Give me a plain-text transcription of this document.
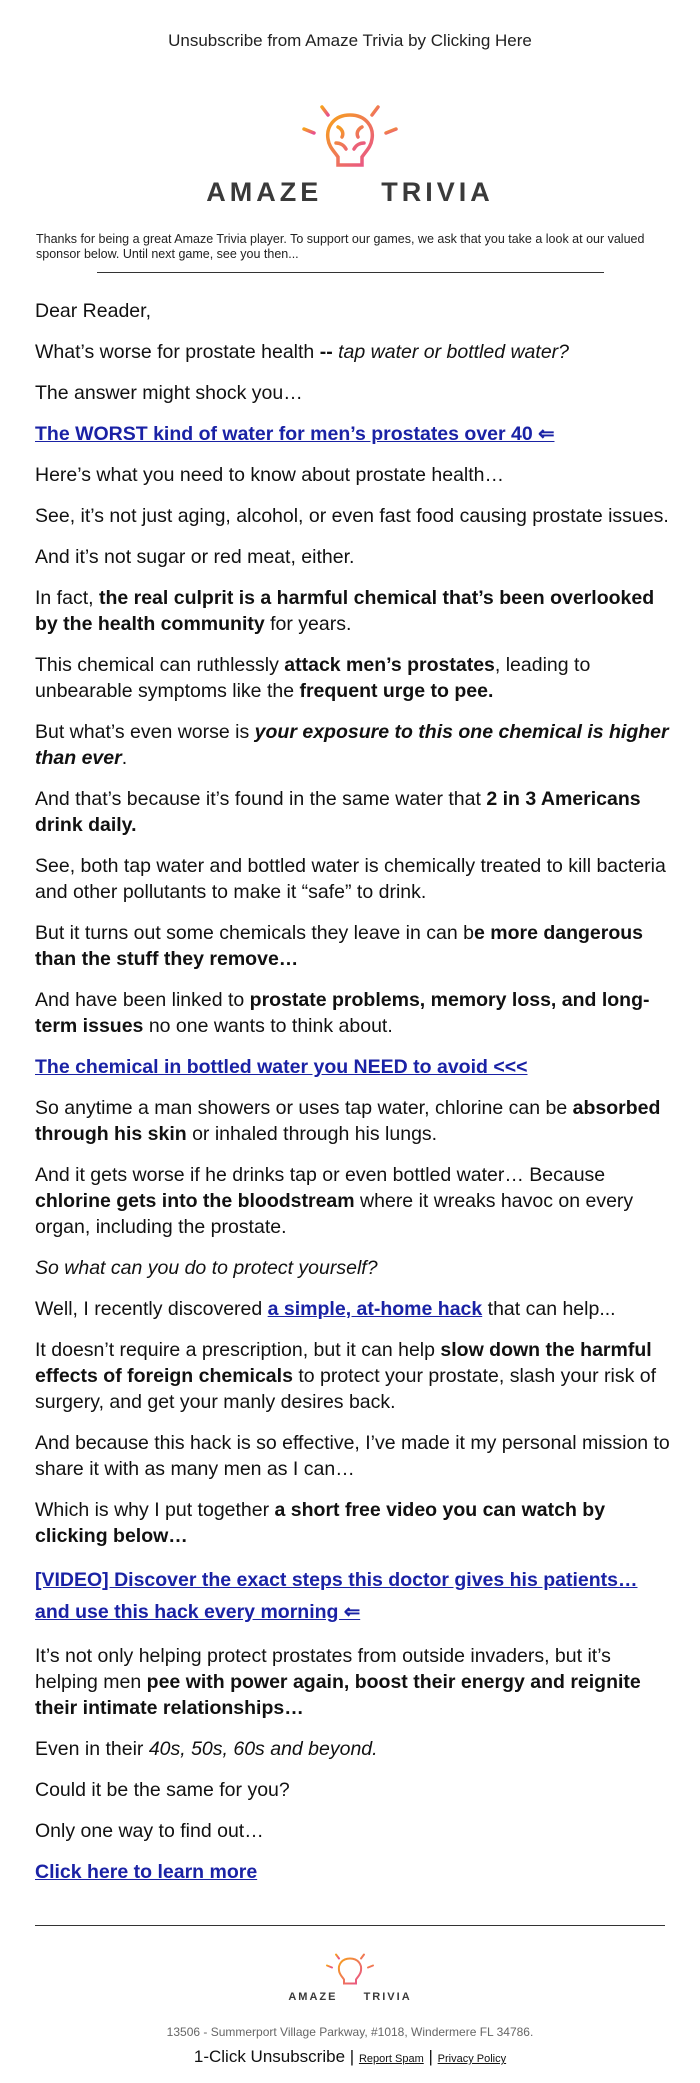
Unsubscribe from Amaze Trivia by Clicking Here
AMAZE TRIVIA
Thanks for being a great Amaze Trivia player. To support our games, we ask that you take a look at our valued sponsor below. Until next game, see you then...

Dear Reader,

What’s worse for prostate health -- tap water or bottled water?

The answer might shock you…

The WORST kind of water for men’s prostates over 40 ⇐

Here’s what you need to know about prostate health…

See, it’s not just aging, alcohol, or even fast food causing prostate issues.

And it’s not sugar or red meat, either.

In fact, the real culprit is a harmful chemical that’s been overlooked by the health community for years.

This chemical can ruthlessly attack men’s prostates, leading to unbearable symptoms like the frequent urge to pee.

But what’s even worse is your exposure to this one chemical is higher than ever.

And that’s because it’s found in the same water that 2 in 3 Americans drink daily.

See, both tap water and bottled water is chemically treated to kill bacteria and other pollutants to make it “safe” to drink.

But it turns out some chemicals they leave in can be more dangerous than the stuff they remove…

And have been linked to prostate problems, memory loss, and long-term issues no one wants to think about.

The chemical in bottled water you NEED to avoid <<<

So anytime a man showers or uses tap water, chlorine can be absorbed through his skin or inhaled through his lungs.

And it gets worse if he drinks tap or even bottled water… Because chlorine gets into the bloodstream where it wreaks havoc on every organ, including the prostate.

So what can you do to protect yourself?

Well, I recently discovered a simple, at-home hack that can help...

It doesn’t require a prescription, but it can help slow down the harmful effects of foreign chemicals to protect your prostate, slash your risk of surgery, and get your manly desires back.

And because this hack is so effective, I’ve made it my personal mission to share it with as many men as I can…

Which is why I put together a short free video you can watch by clicking below…

[VIDEO] Discover the exact steps this doctor gives his patients… and use this hack every morning ⇐

It’s not only helping protect prostates from outside invaders, but it’s helping men pee with power again, boost their energy and reignite their intimate relationships…

Even in their 40s, 50s, 60s and beyond.

Could it be the same for you?

Only one way to find out…

Click here to learn more

AMAZE TRIVIA
13506 - Summerport Village Parkway, #1018, Windermere FL 34786.
1-Click Unsubscribe | Report Spam | Privacy Policy
